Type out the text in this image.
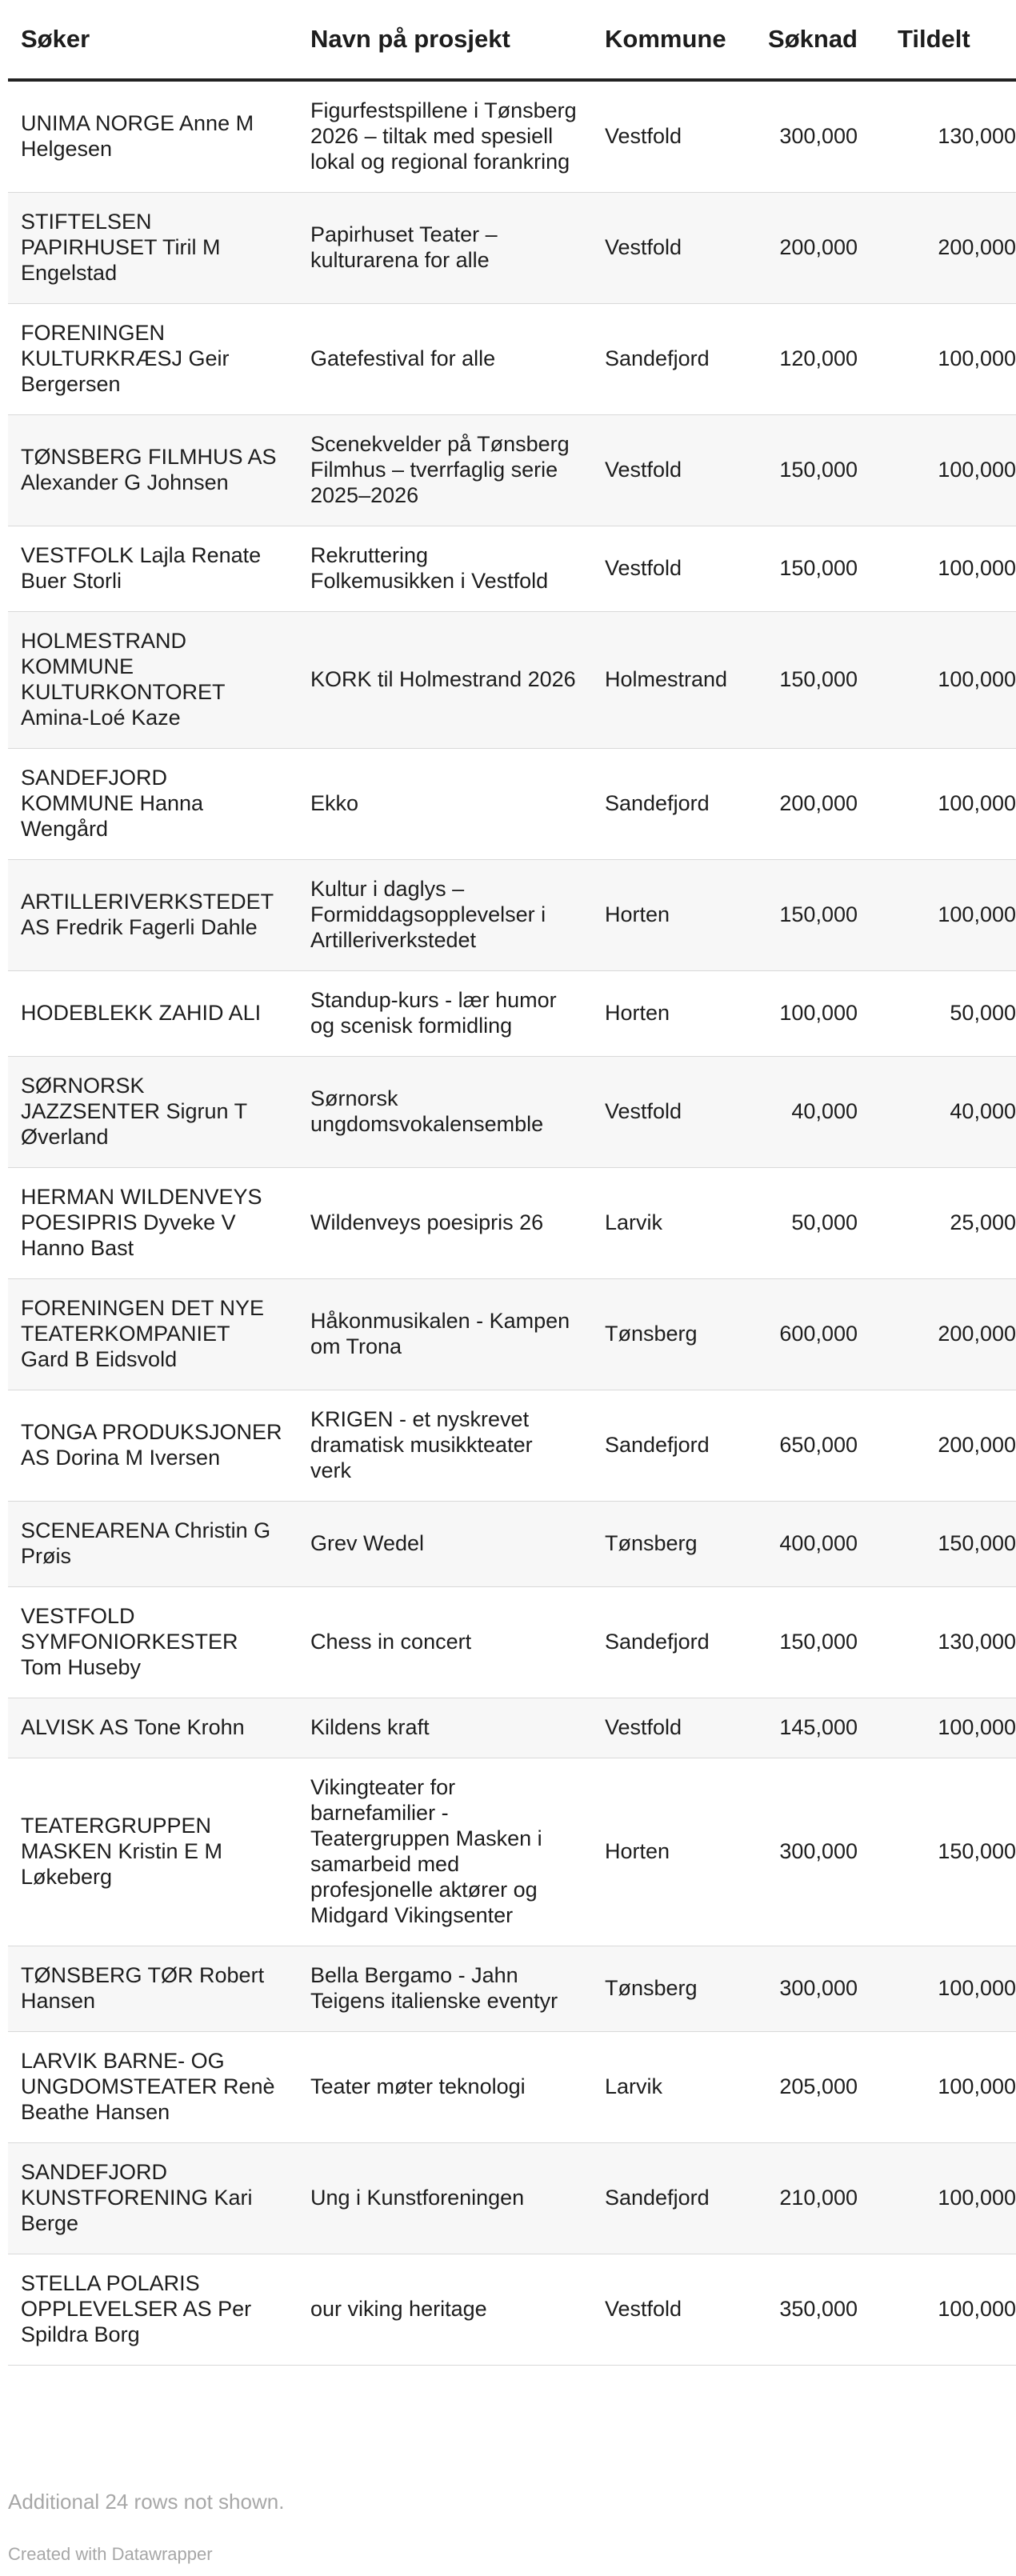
Søker	Navn på prosjekt	Kommune	Søknad	Tildelt
UNIMA NORGE Anne M Helgesen	Figurfestspillene i Tønsberg 2026 – tiltak med spesiell lokal og regional forankring	Vestfold	300,000	130,000
STIFTELSEN PAPIRHUSET Tiril M Engelstad	Papirhuset Teater – kulturarena for alle	Vestfold	200,000	200,000
FORENINGEN KULTURKRÆSJ Geir Bergersen	Gatefestival for alle	Sandefjord	120,000	100,000
TØNSBERG FILMHUS AS Alexander G Johnsen	Scenekvelder på Tønsberg Filmhus – tverrfaglig serie 2025–2026	Vestfold	150,000	100,000
VESTFOLK Lajla Renate Buer Storli	Rekruttering Folkemusikken i Vestfold	Vestfold	150,000	100,000
HOLMESTRAND KOMMUNE KULTURKONTORET Amina-Loé Kaze	KORK til Holmestrand 2026	Holmestrand	150,000	100,000
SANDEFJORD KOMMUNE Hanna Wengård	Ekko	Sandefjord	200,000	100,000
ARTILLERIVERKSTEDET AS Fredrik Fagerli Dahle	Kultur i daglys – Formiddagsopplevelser i Artilleriverkstedet	Horten	150,000	100,000
HODEBLEKK ZAHID ALI	Standup-kurs - lær humor og scenisk formidling	Horten	100,000	50,000
SØRNORSK JAZZSENTER Sigrun T Øverland	Sørnorsk ungdomsvokalensemble	Vestfold	40,000	40,000
HERMAN WILDENVEYS POESIPRIS Dyveke V Hanno Bast	Wildenveys poesipris 26	Larvik	50,000	25,000
FORENINGEN DET NYE TEATERKOMPANIET Gard B Eidsvold	Håkonmusikalen - Kampen om Trona	Tønsberg	600,000	200,000
TONGA PRODUKSJONER AS Dorina M Iversen	KRIGEN - et nyskrevet dramatisk musikkteater verk	Sandefjord	650,000	200,000
SCENEARENA Christin G Prøis	Grev Wedel	Tønsberg	400,000	150,000
VESTFOLD SYMFONIORKESTER Tom Huseby	Chess in concert	Sandefjord	150,000	130,000
ALVISK AS Tone Krohn	Kildens kraft	Vestfold	145,000	100,000
TEATERGRUPPEN MASKEN Kristin E M Løkeberg	Vikingteater for barnefamilier - Teatergruppen Masken i samarbeid med profesjonelle aktører og Midgard Vikingsenter	Horten	300,000	150,000
TØNSBERG TØR Robert Hansen	Bella Bergamo - Jahn Teigens italienske eventyr	Tønsberg	300,000	100,000
LARVIK BARNE- OG UNGDOMSTEATER Renè Beathe Hansen	Teater møter teknologi	Larvik	205,000	100,000
SANDEFJORD KUNSTFORENING Kari Berge	Ung i Kunstforeningen	Sandefjord	210,000	100,000
STELLA POLARIS OPPLEVELSER AS Per Spildra Borg	our viking heritage	Vestfold	350,000	100,000
Additional 24 rows not shown.
Created with Datawrapper
